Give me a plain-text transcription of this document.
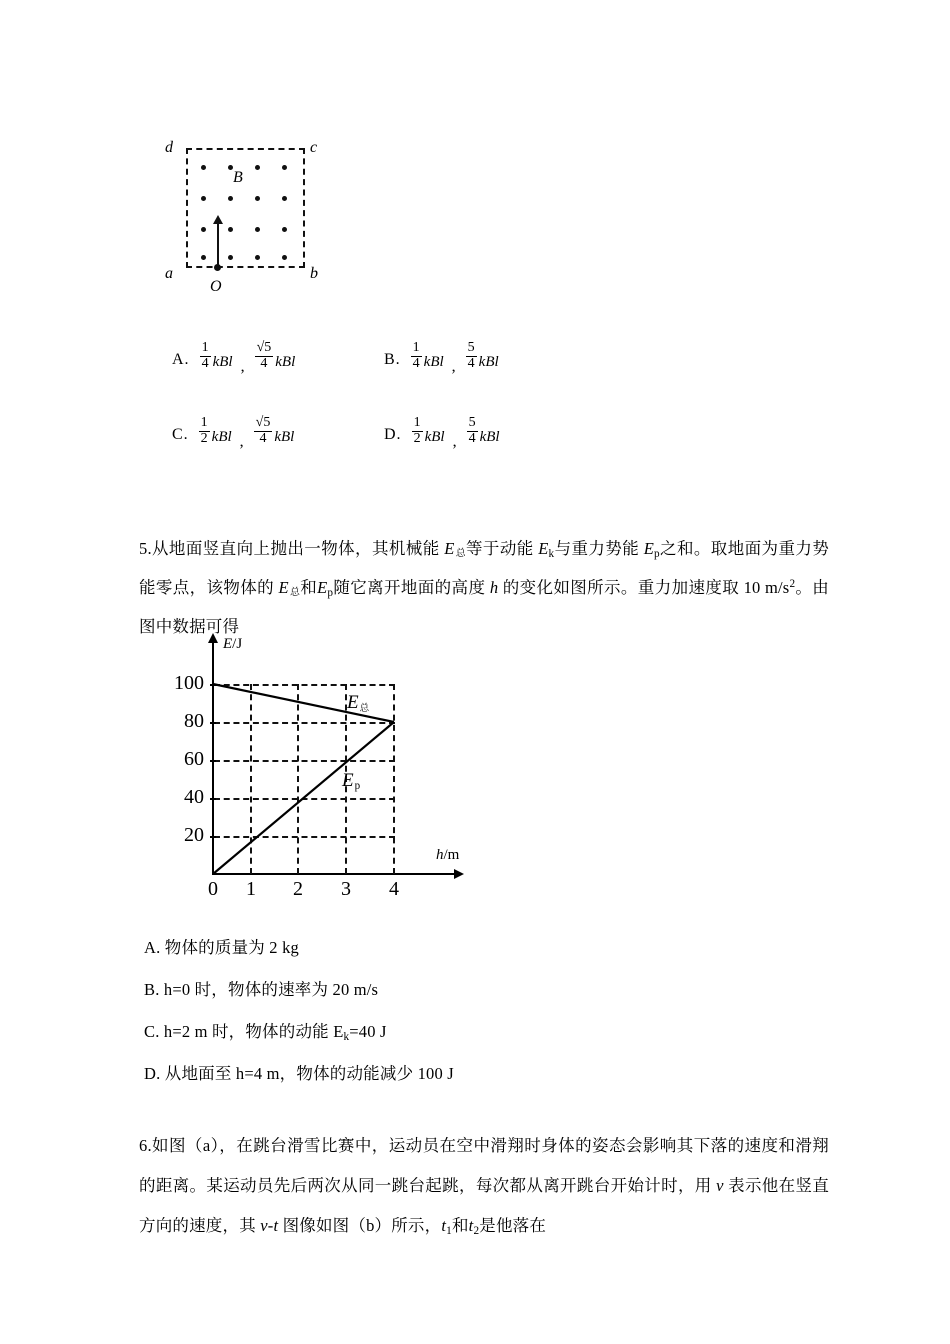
B
d	c
a	b
O
A. $\frac{1}{4}$ kBl , $\frac{√5}{4}$ kBl	B. $\frac{1}{4}$ kBl , $\frac{5}{4}$ kBl
C. $\frac{1}{2}$ kBl , $\frac{√5}{4}$ kBl	D. $\frac{1}{2}$ kBl , $\frac{5}{4}$ kBl
5.从地面竖直向上抛出一物体，其机械能 E总等于动能 $E_k$与重力势能 $E_p$之和。取地面为重力势能零点，该物体的 E总和$E_p$随它离开地面的高度 h 的变化如图所示。重力加速度取 10 $m/s^2$。由图中数据可得
E/J
h/m
100
80
60
40
20
0 1 2 3 4
E总
Ep
A. 物体的质量为 2 kg
B. h=0 时，物体的速率为 20 m/s
C. h=2 m 时，物体的动能 $E_k=40$ J
D. 从地面至 h=4 m，物体的动能减少 100 J
6.如图（a），在跳台滑雪比赛中，运动员在空中滑翔时身体的姿态会影响其下落的速度和滑翔的距离。某运动员先后两次从同一跳台起跳，每次都从离开跳台开始计时，用 v 表示他在竖直方向的速度，其 v-t 图像如图（b）所示，$t_1$和$t_2$是他落在
